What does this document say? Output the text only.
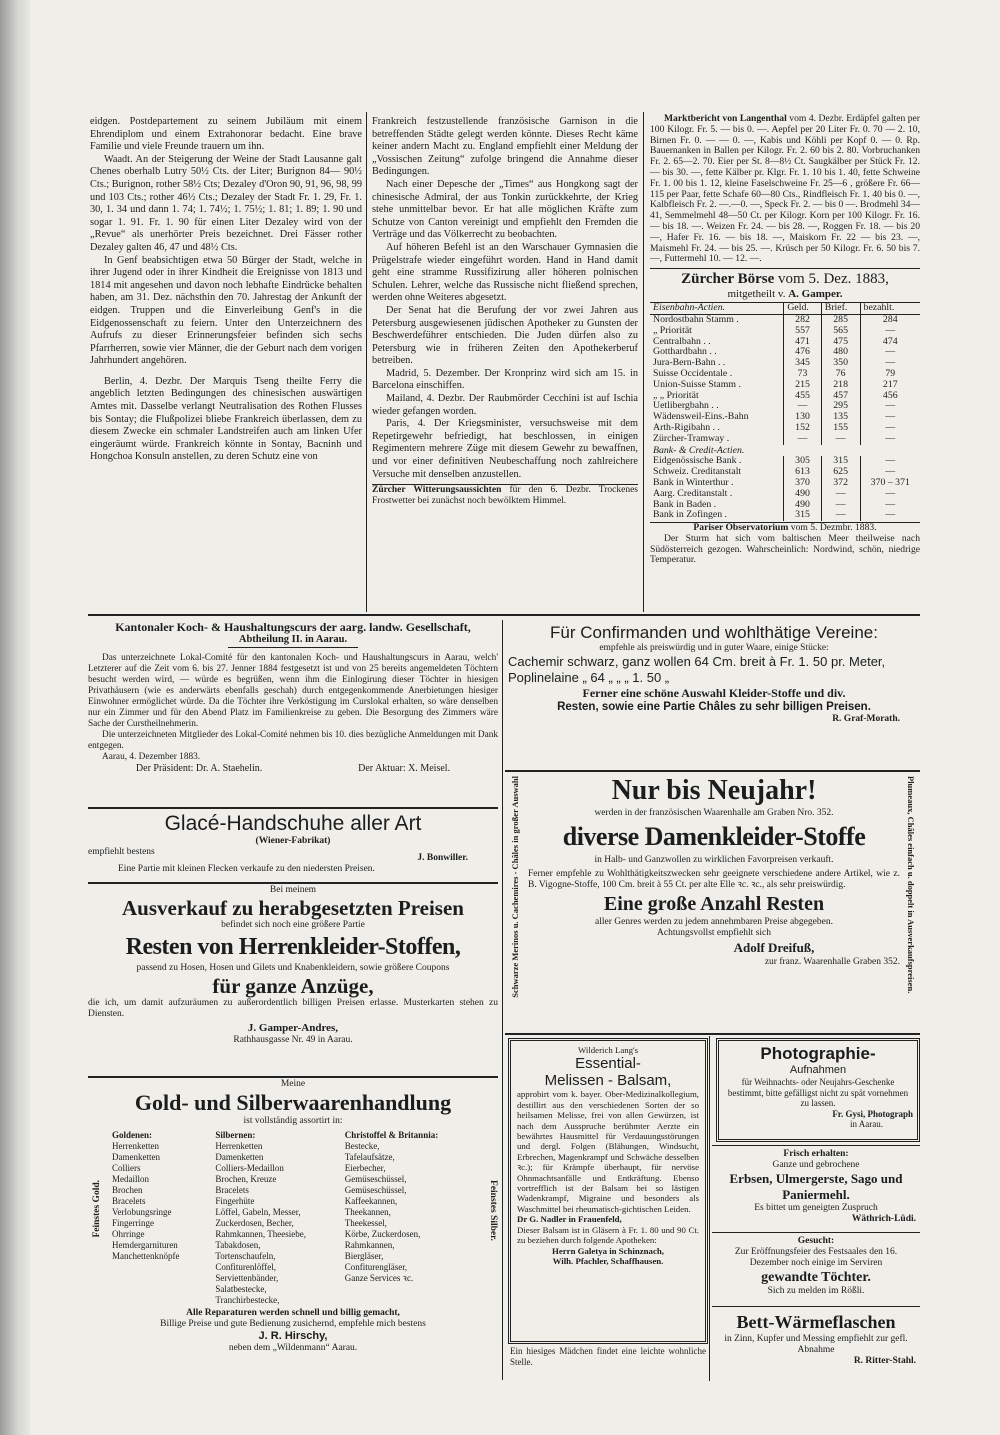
eidgen. Postdepartement zu seinem Jubiläum mit einem Ehrendiplom und einem Extrahonorar bedacht. Eine brave Familie und viele Freunde trauern um ihn.

Waadt. An der Steigerung der Weine der Stadt Lausanne galt Chenes oberhalb Lutry 50½ Cts. der Liter; Burignon 84— 90½ Cts.; Burignon, rother 58½ Cts; Dezaley d'Oron 90, 91, 96, 98, 99 und 103 Cts.; rother 46½ Cts.; Dezaley der Stadt Fr. 1. 29, Fr. 1. 30, 1. 34 und dann 1. 74; 1. 74½; 1. 75½; 1. 81; 1. 89; 1. 90 und sogar 1. 91. Fr. 1. 90 für einen Liter Dezaley wird von der „Revue“ als unerhörter Preis bezeichnet. Drei Fässer rother Dezaley galten 46, 47 und 48½ Cts.

In Genf beabsichtigen etwa 50 Bürger der Stadt, welche in ihrer Jugend oder in ihrer Kindheit die Ereignisse von 1813 und 1814 mit angesehen und davon noch lebhafte Eindrücke behalten haben, am 31. Dez. nächsthin den 70. Jahrestag der Ankunft der eidgen. Truppen und die Einverleibung Genf's in die Eidgenossenschaft zu feiern. Unter den Unterzeichnern des Aufrufs zu dieser Erinnerungsfeier befinden sich sechs Pfarrherren, sowie vier Männer, die der Geburt nach dem vorigen Jahrhundert angehören.

Berlin, 4. Dezbr. Der Marquis Tseng theilte Ferry die angeblich letzten Bedingungen des chinesischen auswärtigen Amtes mit. Dasselbe verlangt Neutralisation des Rothen Flusses bis Sontay; die Flußpolizei bliebe Frankreich überlassen, dem zu diesem Zwecke ein schmaler Landstreifen auch am linken Ufer eingeräumt würde. Frankreich könnte in Sontay, Bacninh und Hongchoa Konsuln anstellen, zu deren Schutz eine von

Frankreich festzustellende französische Garnison in die betreffenden Städte gelegt werden könnte. Dieses Recht käme keiner andern Macht zu. England empfiehlt einer Meldung der „Vossischen Zeitung“ zufolge bringend die Annahme dieser Bedingungen.

Nach einer Depesche der „Times“ aus Hongkong sagt der chinesische Admiral, der aus Tonkin zurückkehrte, der Krieg stehe unmittelbar bevor. Er hat alle möglichen Kräfte zum Schutze von Canton vereinigt und empfiehlt den Fremden die Verträge und das Völkerrecht zu beobachten.

Auf höheren Befehl ist an den Warschauer Gymnasien die Prügelstrafe wieder eingeführt worden. Hand in Hand damit geht eine stramme Russifizirung aller höheren polnischen Schulen. Lehrer, welche das Russische nicht fließend sprechen, werden ohne Weiteres abgesetzt.

Der Senat hat die Berufung der vor zwei Jahren aus Petersburg ausgewiesenen jüdischen Apotheker zu Gunsten der Beschwerdeführer entschieden. Die Juden dürfen also zu Petersburg wie in früheren Zeiten den Apothekerberuf betreiben.

Madrid, 5. Dezember. Der Kronprinz wird sich am 15. in Barcelona einschiffen.

Mailand, 4. Dezbr. Der Raubmörder Cecchini ist auf Ischia wieder gefangen worden.

Paris, 4. Der Kriegsminister, versuchsweise mit dem Repetirgewehr befriedigt, hat beschlossen, in einigen Regimentern mehrere Züge mit diesem Gewehr zu bewaffnen, und vor einer definitiven Neubeschaffung noch zahlreichere Versuche mit denselben anzustellen.

Zürcher Witterungsaussichten für den 6. Dezbr. Trockenes Frostwetter bei zunächst noch bewölktem Himmel.

Marktbericht von Langenthal vom 4. Dezbr. Erdäpfel galten per 100 Kilogr. Fr. 5. — bis 0. —. Aepfel per 20 Liter Fr. 0. 70 — 2. 10, Birnen Fr. 0. — — 0. —, Kabis und Köhli per Kopf 0. — 0. Rp. Bauernanken in Ballen per Kilogr. Fr. 2. 60 bis 2. 80. Vorbruchanken Fr. 2. 65—2. 70. Eier per St. 8—8½ Ct. Saugkälber per Stück Fr. 12. — bis 30. —, fette Kälber pr. Klgr. Fr. 1. 10 bis 1. 40, fette Schweine Fr. 1. 00 bis 1. 12, kleine Faselschweine Fr. 25—6 , größere Fr. 66—115 per Paar, fette Schafe 60—80 Cts., Rindfleisch Fr. 1. 40 bis 0. —, Kalbfleisch Fr. 2. —.—0. —, Speck Fr. 2. — bis 0 —. Brodmehl 34—41, Semmelmehl 48—50 Ct. per Kilogr. Korn per 100 Kilogr. Fr. 16. — bis 18. —. Weizen Fr. 24. — bis 28. —, Roggen Fr. 18. — bis 20 —, Hafer Fr. 16. — bis 18. —, Maiskorn Fr. 22 — bis 23. —, Maismehl Fr. 24. — bis 25. —. Krüsch per 50 Kilogr. Fr. 6. 50 bis 7. —, Futtermehl 10. — 12. —.

Zürcher Börse vom 5. Dez. 1883,
mitgetheilt v. A. Gamper.
Eisenbahn-Actien.	Geld.	Brief.	bezahlt.
Nordostbahn Stamm .	282	285	284
„ Priorität	557	565	—
Centralbahn . .	471	475	474
Gotthardbahn . .	476	480	—
Jura-Bern-Bahn . .	345	350	—
Suisse Occidentale .	73	76	79
Union-Suisse Stamm .	215	218	217
„ „ Priorität	455	457	456
Uetlibergbahn . .	—	295	—
Wädensweil-Eins.-Bahn	130	135	—
Arth-Rigibahn . .	152	155	—
Zürcher-Tramway .	—	—	—
Bank- & Credit-Actien.			
Eidgenössische Bank .	305	315	—
Schweiz. Creditanstalt	613	625	—
Bank in Winterthur .	370	372	370 – 371
Aarg. Creditanstalt .	490	—	—
Bank in Baden .	490	—	—
Bank in Zofingen .	315	—	—
Pariser Observatorium vom 5. Dezmbr. 1883.

Der Sturm hat sich vom baltischen Meer theilweise nach Südösterreich gezogen. Wahrscheinlich: Nordwind, schön, niedrige Temperatur.

Kantonaler Koch- & Haushaltungscurs der aarg. landw. Gesellschaft,
Abtheilung II. in Aarau.

Das unterzeichnete Lokal-Comité für den kantonalen Koch- und Haushaltungscurs in Aarau, welch' Letzterer auf die Zeit vom 6. bis 27. Jenner 1884 festgesetzt ist und von 25 bereits angemeldeten Töchtern besucht werden wird, — würde es begrüßen, wenn ihm die Einlogirung dieser Töchter in hiesigen Privathäusern (wie es anderwärts ebenfalls geschah) durch entgegenkommende Anerbietungen hiesiger Einwohner ermöglichet würde. Da die Töchter ihre Verköstigung im Curslokal erhalten, so wäre denselben nur ein Zimmer und für den Abend Platz im Familienkreise zu geben. Die Besorgung des Zimmers wäre Sache der Curstheilnehmerin.

Die unterzeichneten Mitglieder des Lokal-Comité nehmen bis 10. dies bezügliche Anmeldungen mit Dank entgegen.

Aarau, 4. Dezember 1883.

Der Präsident: Dr. A. Staehelin.	Der Aktuar: X. Meisel.
Glacé-Handschuhe aller Art
(Wiener-Fabrikat)
empfiehlt bestens
J. Bonwiller.
Eine Partie mit kleinen Flecken verkaufe zu den niedersten Preisen.
Bei meinem
Ausverkauf zu herabgesetzten Preisen
befindet sich noch eine größere Partie
Resten von Herrenkleider-Stoffen,
passend zu Hosen, Hosen und Gilets und Knabenkleidern, sowie größere Coupons
für ganze Anzüge,
die ich, um damit aufzuräumen zu außerordentlich billigen Preisen erlasse. Musterkarten stehen zu Diensten.
J. Gamper-Andres,
Rathhausgasse Nr. 49 in Aarau.
Meine
Gold- und Silberwaarenhandlung
ist vollständig assortirt in:
Goldenen:
Herrenketten
Damenketten
Colliers
Medaillon
Brochen
Bracelets
Verlobungsringe
Fingerringe
Ohrringe
Hemdergarnituren
Manchettenknöpfe
Silbernen:
Herrenketten
Damenketten
Colliers-Medaillon
Brochen, Kreuze
Bracelets
Fingerhüte
Löffel, Gabeln, Messer,
Zuckerdosen, Becher,
Rahmkannen, Theesiebe,
Tabakdosen,
Tortenschaufeln,
Confiturenlöffel,
Serviettenbänder,
Salatbestecke,
Tranchirbestecke,
Christoffel & Britannia:
Bestecke,
Tafelaufsätze,
Eierbecher,
Gemüseschüssel,
Gemüseschüssel,
Kaffeekannen,
Theekannen,
Theekessel,
Körbe, Zuckerdosen,
Rahmkannen,
Biergläser,
Confiturengläser,
Ganze Services ꝛc.
Alle Reparaturen werden schnell und billig gemacht,
Billige Preise und gute Bedienung zusichernd, empfehle mich bestens
J. R. Hirschy,
neben dem „Wildenmann“ Aarau.
Feinstes Gold.	Feinstes Silber.
Für Confirmanden und wohlthätige Vereine:
empfehle als preiswürdig und in guter Waare, einige Stücke:
Cachemir schwarz, ganz wollen 64 Cm. breit à Fr. 1. 50 pr. Meter,
Poplinelaine „ 64 „ „ „ 1. 50 „
Ferner eine schöne Auswahl Kleider-Stoffe und div.
Resten, sowie eine Partie Châles zu sehr billigen Preisen.
R. Graf-Morath.
Nur bis Neujahr!
werden in der französischen Waarenhalle am Graben Nro. 352.
diverse Damenkleider-Stoffe
in Halb- und Ganzwollen zu wirklichen Favorpreisen verkauft.
Ferner empfehle zu Wohlthätigkeitszwecken sehr geeignete verschiedene andere Artikel, wie z. B. Vigogne-Stoffe, 100 Cm. breit à 55 Ct. per alte Elle ꝛc. ꝛc., als sehr preiswürdig.
Eine große Anzahl Resten
aller Genres werden zu jedem annehmbaren Preise abgegeben.
Achtungsvollst empfiehlt sich
Adolf Dreifuß,
zur franz. Waarenhalle Graben 352.
Schwarze Merinos u. Cachemires - Châles in großer Auswahl	Plumeaux, Châles einfach u. doppelt in Ausverkaufspreisen.
Wilderich Lang's
Essential-
Melissen - Balsam,

approbirt vom k. bayer. Ober-Medizinalkollegium, destillirt aus den verschiedenen Sorten der so heilsamen Melisse, frei von allen Gewürzen, ist nach dem Ausspruche berühmter Aerzte ein bewährtes Hausmittel für Verdauungsstörungen und dergl. Folgen (Blähungen, Windsucht, Erbrechen, Magenkrampf und Schwäche desselben ꝛc.); für Krämpfe überhaupt, für nervöse Ohnmachtsanfälle und Entkräftung. Ebenso vortrefflich ist der Balsam bei so lästigen Wadenkrampf, Migraine und besonders als Waschmittel bei rheumatisch-gichtischen Leiden.

Dr G. Nadler in Frauenfeld,

Dieser Balsam ist in Gläsern à Fr. 1. 80 und 90 Ct. zu beziehen durch folgende Apotheken:

Herrn Galetya in Schinznach,

Wilh. Pfachler, Schaffhausen.

Ein hiesiges Mädchen findet eine leichte wohnliche Stelle.
Photographie-
Aufnahmen
für Weihnachts- oder Neujahrs-Geschenke bestimmt, bitte gefälligst nicht zu spät vornehmen zu lassen.
Fr. Gysi, Photograph
in Aarau.
Frisch erhalten:
Ganze und gebrochene
Erbsen, Ulmergerste, Sago und Paniermehl.
Es bittet um geneigten Zuspruch
Wäthrich-Lüdi.
Gesucht:
Zur Eröffnungsfeier des Festsaales den 16. Dezember noch einige im Serviren
gewandte Töchter.
Sich zu melden im Rößli.
Bett-Wärmeflaschen
in Zinn, Kupfer und Messing empfiehlt zur gefl. Abnahme
R. Ritter-Stahl.
